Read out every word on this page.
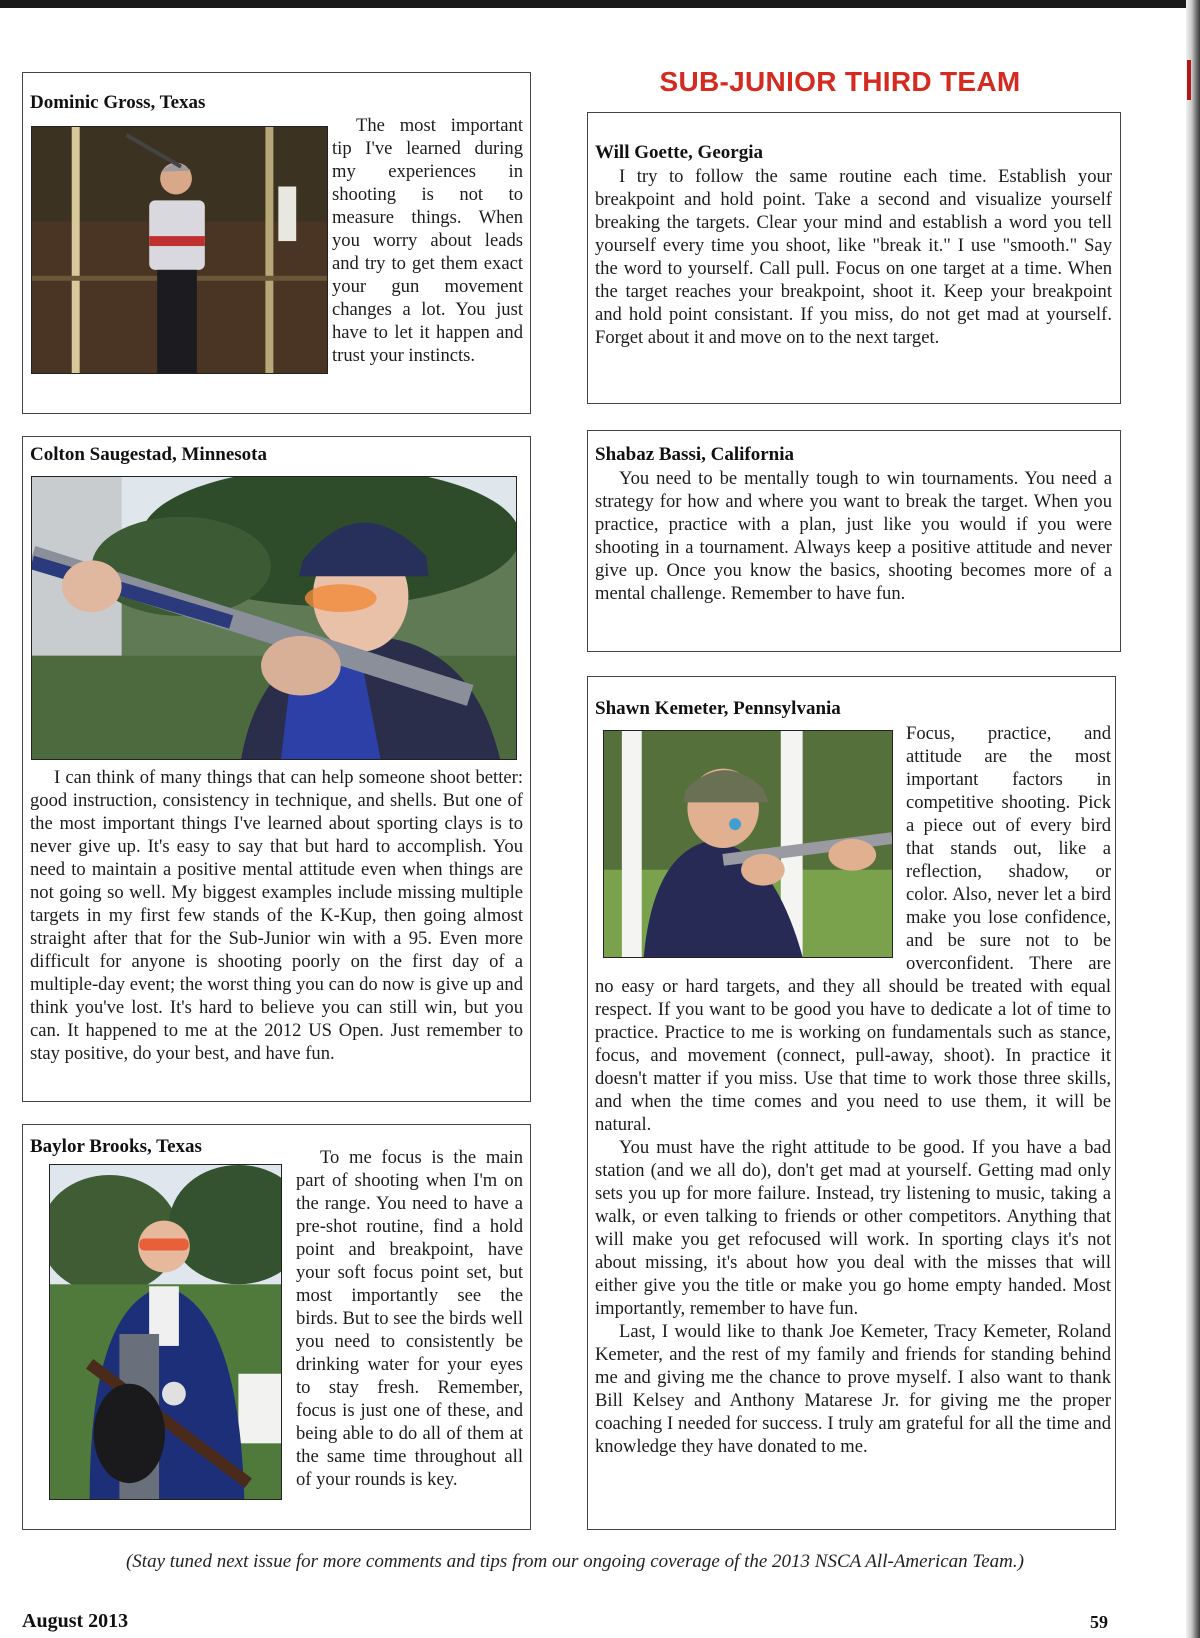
Dominic Gross, Texas

The most important tip I've learned during my experiences in shooting is not to measure things. When you worry about leads and try to get them exact your gun movement changes a lot. You just have to let it happen and trust your instincts.

Colton Saugestad, Minnesota

I can think of many things that can help someone shoot better: good instruction, consistency in technique, and shells. But one of the most important things I've learned about sporting clays is to never give up. It's easy to say that but hard to accomplish. You need to maintain a positive mental attitude even when things are not going so well. My biggest examples include missing multiple targets in my first few stands of the K-Kup, then going almost straight after that for the Sub-Junior win with a 95. Even more difficult for anyone is shooting poorly on the first day of a multiple-day event; the worst thing you can do now is give up and think you've lost. It's hard to believe you can still win, but you can. It happened to me at the 2012 US Open. Just remember to stay positive, do your best, and have fun.

Baylor Brooks, Texas

To me focus is the main part of shooting when I'm on the range. You need to have a pre-shot routine, find a hold point and breakpoint, have your soft focus point set, but most importantly see the birds. But to see the birds well you need to consistently be drinking water for your eyes to stay fresh. Remember, focus is just one of these, and being able to do all of them at the same time throughout all of your rounds is key.

SUB-JUNIOR THIRD TEAM
Will Goette, Georgia

I try to follow the same routine each time. Establish your breakpoint and hold point. Take a second and visualize yourself breaking the targets. Clear your mind and establish a word you tell yourself every time you shoot, like "break it." I use "smooth." Say the word to yourself. Call pull. Focus on one target at a time. When the target reaches your breakpoint, shoot it. Keep your breakpoint and hold point consistant. If you miss, do not get mad at yourself. Forget about it and move on to the next target.

Shabaz Bassi, California

You need to be mentally tough to win tournaments. You need a strategy for how and where you want to break the target. When you practice, practice with a plan, just like you would if you were shooting in a tournament. Always keep a positive attitude and never give up. Once you know the basics, shooting becomes more of a mental challenge. Remember to have fun.

Shawn Kemeter, Pennsylvania

Focus, practice, and attitude are the most important factors in competitive shooting. Pick a piece out of every bird that stands out, like a reflection, shadow, or color. Also, never let a bird make you lose confidence, and be sure not to be overconfident. There are no easy or hard targets, and they all should be treated with equal respect. If you want to be good you have to dedicate a lot of time to practice. Practice to me is working on fundamentals such as stance, focus, and movement (connect, pull-away, shoot). In practice it doesn't matter if you miss. Use that time to work those three skills, and when the time comes and you need to use them, it will be natural.

You must have the right attitude to be good. If you have a bad station (and we all do), don't get mad at yourself. Getting mad only sets you up for more failure. Instead, try listening to music, taking a walk, or even talking to friends or other competitors. Anything that will make you get refocused will work. In sporting clays it's not about missing, it's about how you deal with the misses that will either give you the title or make you go home empty handed. Most importantly, remember to have fun.

Last, I would like to thank Joe Kemeter, Tracy Kemeter, Roland Kemeter, and the rest of my family and friends for standing behind me and giving me the chance to prove myself. I also want to thank Bill Kelsey and Anthony Matarese Jr. for giving me the proper coaching I needed for success. I truly am grateful for all the time and knowledge they have donated to me.

(Stay tuned next issue for more comments and tips from our ongoing coverage of the 2013 NSCA All-American Team.)
August 2013	59
